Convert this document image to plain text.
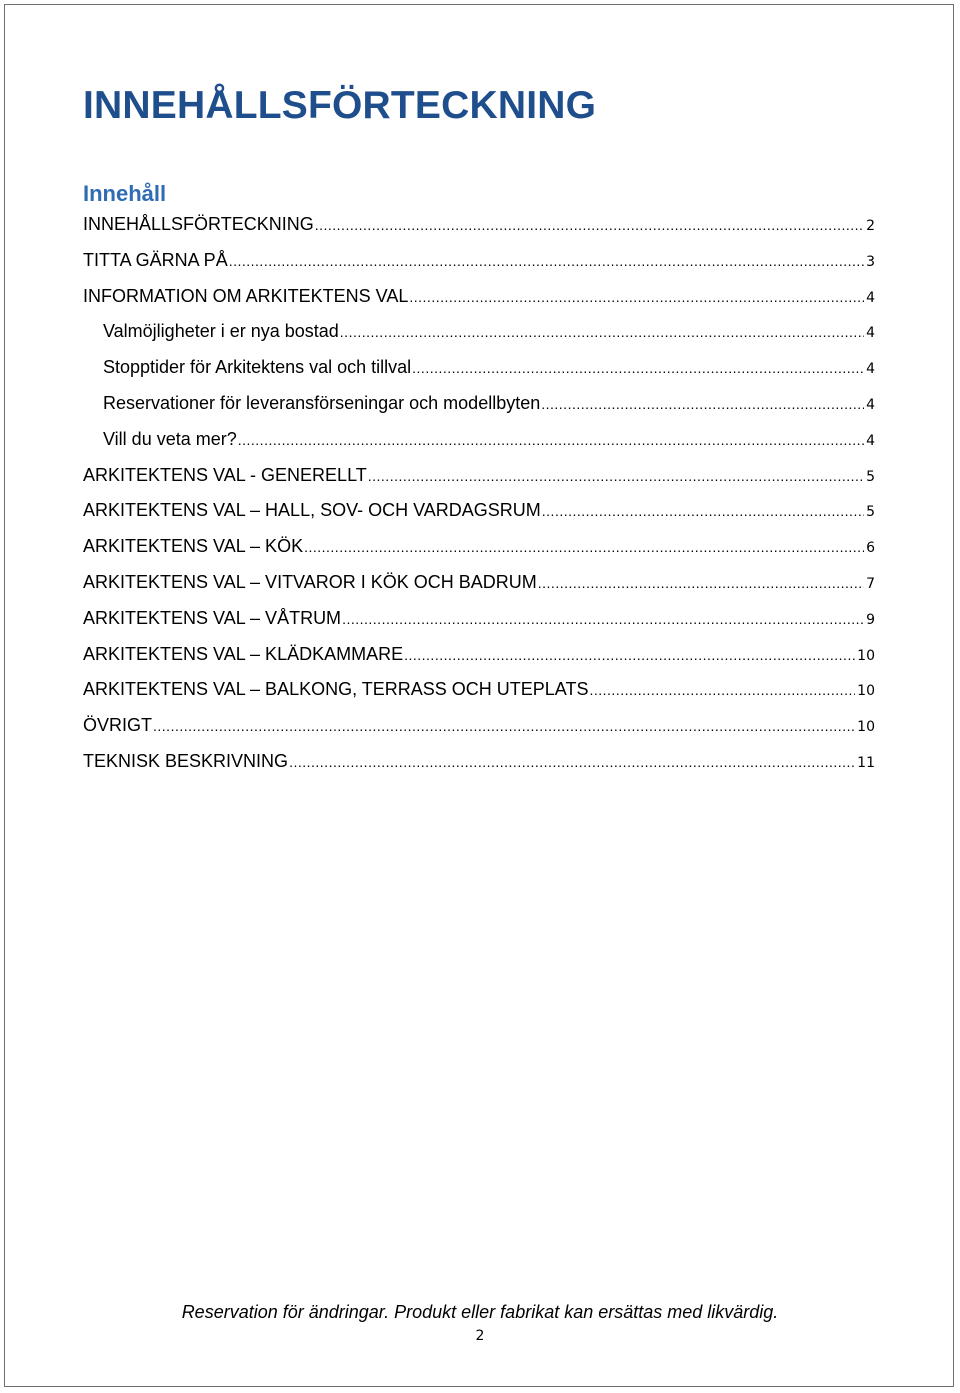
INNEHÅLLSFÖRTECKNING
Innehåll
INNEHÅLLSFÖRTECKNING .....	2
TITTA GÄRNA PÅ .....	3
INFORMATION OM ARKITEKTENS VAL .....	4
Valmöjligheter i er nya bostad .....	4
Stopptider för Arkitektens val och tillval .....	4
Reservationer för leveransförseningar och modellbyten .....	4
Vill du veta mer? .....	4
ARKITEKTENS VAL - GENERELLT .....	5
ARKITEKTENS VAL – HALL, SOV- OCH VARDAGSRUM .....	5
ARKITEKTENS VAL – KÖK .....	6
ARKITEKTENS VAL – VITVAROR I KÖK OCH BADRUM .....	7
ARKITEKTENS VAL – VÅTRUM .....	9
ARKITEKTENS VAL – KLÄDKAMMARE .....	10
ARKITEKTENS VAL – BALKONG, TERRASS OCH UTEPLATS .....	10
ÖVRIGT .....	10
TEKNISK BESKRIVNING .....	11
Reservation för ändringar. Produkt eller fabrikat kan ersättas med likvärdig.
2
